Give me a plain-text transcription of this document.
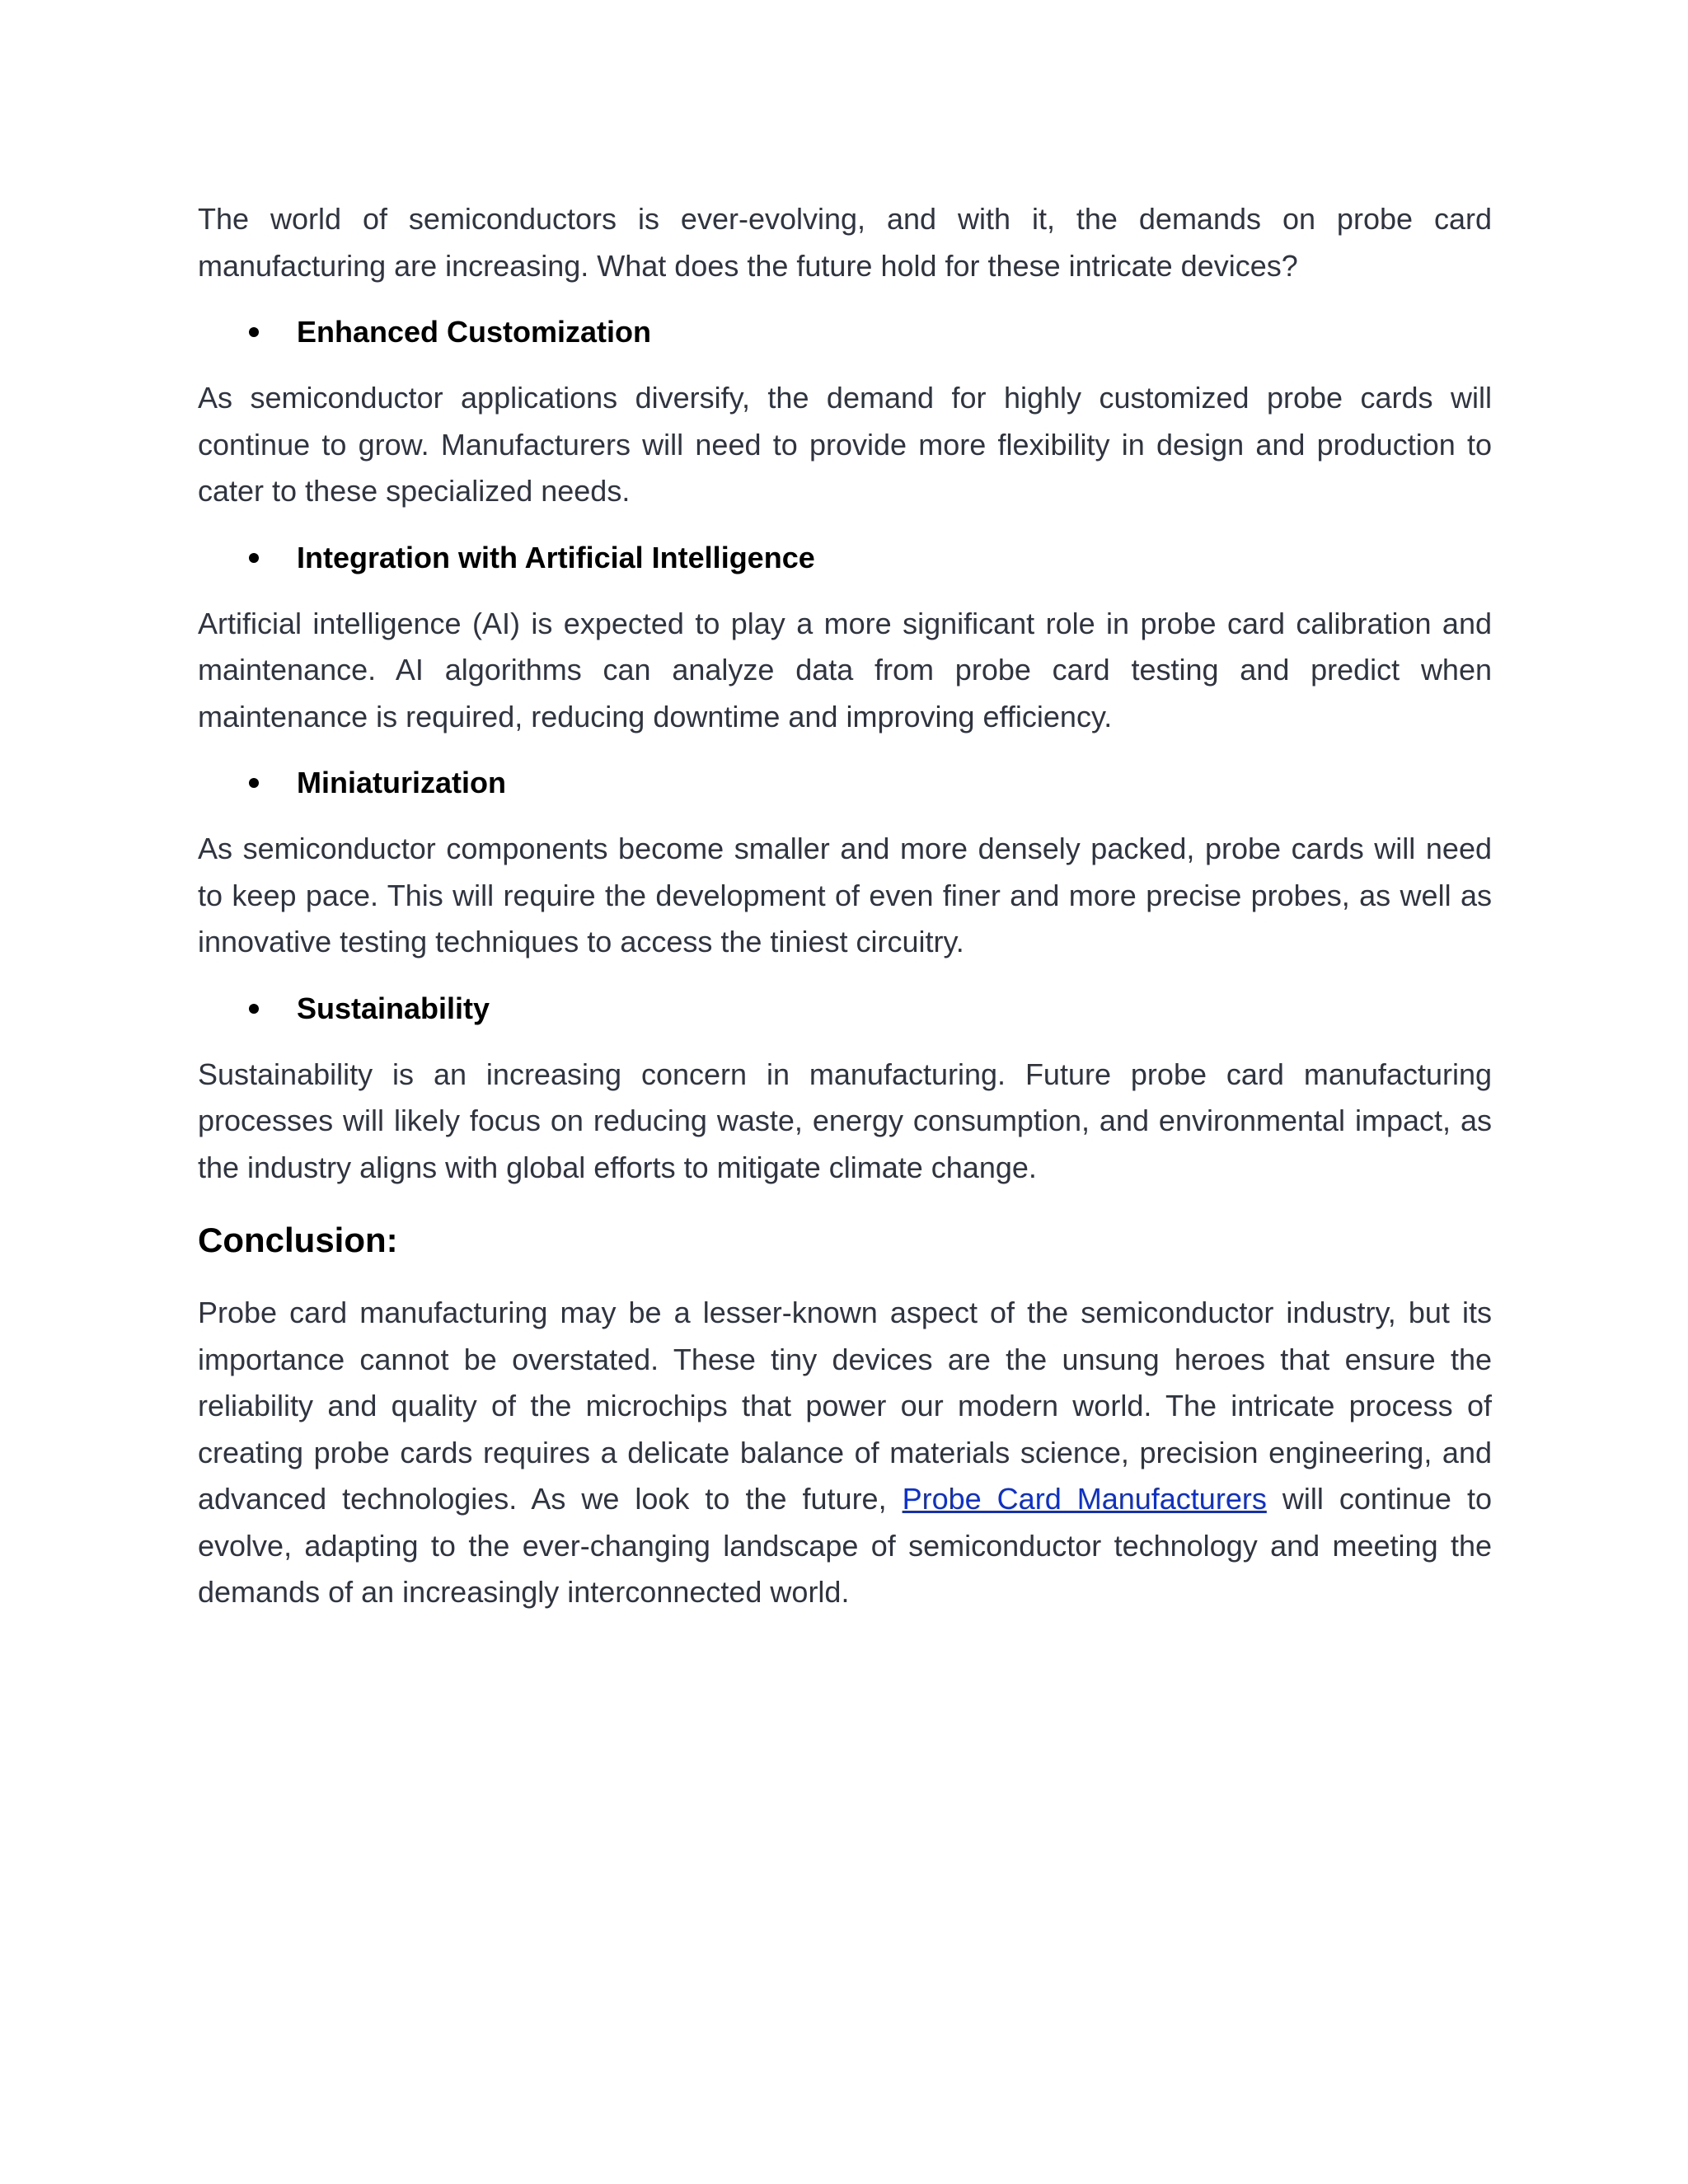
The world of semiconductors is ever-evolving, and with it, the demands on probe card manufacturing are increasing. What does the future hold for these intricate devices?

Enhanced Customization

As semiconductor applications diversify, the demand for highly customized probe cards will continue to grow. Manufacturers will need to provide more flexibility in design and production to cater to these specialized needs.

Integration with Artificial Intelligence

Artificial intelligence (AI) is expected to play a more significant role in probe card calibration and maintenance. AI algorithms can analyze data from probe card testing and predict when maintenance is required, reducing downtime and improving efficiency.

Miniaturization

As semiconductor components become smaller and more densely packed, probe cards will need to keep pace. This will require the development of even finer and more precise probes, as well as innovative testing techniques to access the tiniest circuitry.

Sustainability

Sustainability is an increasing concern in manufacturing. Future probe card manufacturing processes will likely focus on reducing waste, energy consumption, and environmental impact, as the industry aligns with global efforts to mitigate climate change.

Conclusion:

Probe card manufacturing may be a lesser-known aspect of the semiconductor industry, but its importance cannot be overstated. These tiny devices are the unsung heroes that ensure the reliability and quality of the microchips that power our modern world. The intricate process of creating probe cards requires a delicate balance of materials science, precision engineering, and advanced technologies. As we look to the future, Probe Card Manufacturers will continue to evolve, adapting to the ever-changing landscape of semiconductor technology and meeting the demands of an increasingly interconnected world.
